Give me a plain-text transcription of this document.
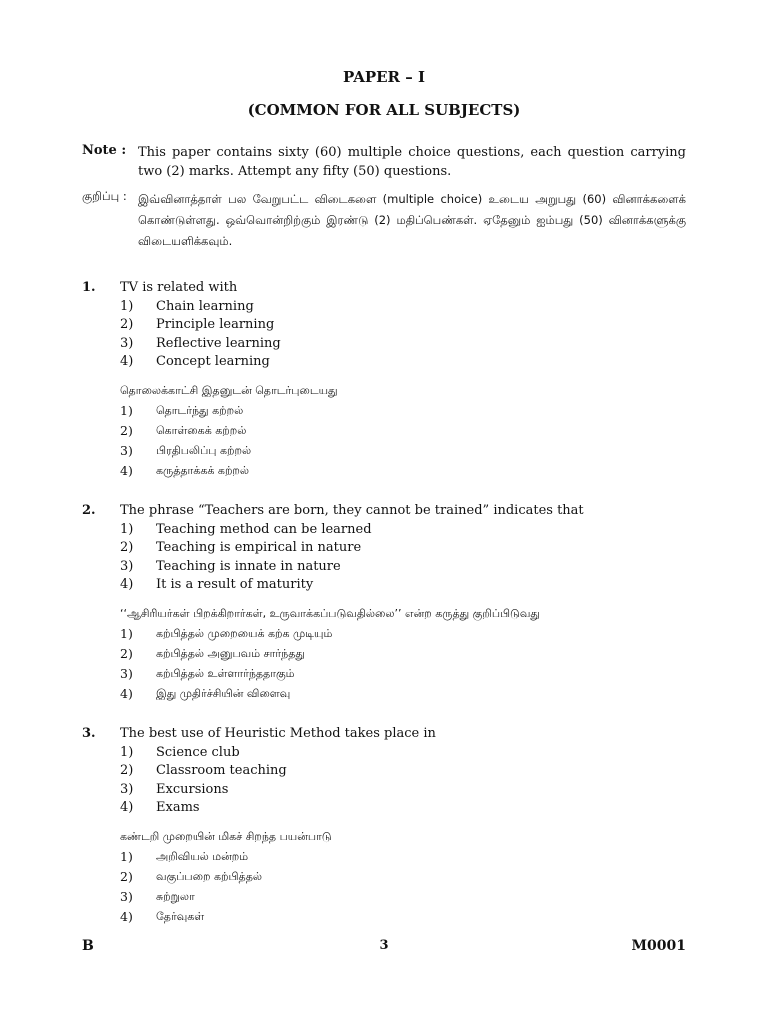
PAPER – I
(COMMON FOR ALL SUBJECTS)
Note : This paper contains sixty (60) multiple choice questions, each question carrying two (2) marks. Attempt any fifty (50) questions.
குறிப்பு : இவ்வினாத்தாள் பல வேறுபட்ட விடைகளை (multiple choice) உடைய அறுபது (60) வினாக்களைக் கொண்டுள்ளது. ஒவ்வொன்றிற்கும் இரண்டு (2) மதிப்பெண்கள். ஏதேனும் ஐம்பது (50) வினாக்களுக்கு விடையளிக்கவும்.
1. TV is related with
1)	Chain learning
2)	Principle learning
3)	Reflective learning
4)	Concept learning
தொலைக்காட்சி இதனுடன் தொடர்புடையது
1)	தொடர்ந்து கற்றல்
2)	கொள்கைக் கற்றல்
3)	பிரதிபலிப்பு கற்றல்
4)	கருத்தாக்கக் கற்றல்
2. The phrase “Teachers are born, they cannot be trained” indicates that
1)	Teaching method can be learned
2)	Teaching is empirical in nature
3)	Teaching is innate in nature
4)	It is a result of maturity
‘‘ஆசிரியர்கள் பிறக்கிறார்கள், உருவாக்கப்படுவதில்லை’’ என்ற கருத்து குறிப்பிடுவது
1)	கற்பித்தல் முறையைக் கற்க முடியும்
2)	கற்பித்தல் அனுபவம் சார்ந்தது
3)	கற்பித்தல் உள்ளார்ந்ததாகும்
4)	இது முதிர்ச்சியின் விளைவு
3. The best use of Heuristic Method takes place in
1)	Science club
2)	Classroom teaching
3)	Excursions
4)	Exams
கண்டறி முறையின் மிகச் சிறந்த பயன்பாடு
1)	அறிவியல் மன்றம்
2)	வகுப்பறை கற்பித்தல்
3)	சுற்றுலா
4)	தேர்வுகள்
B	3	M0001
